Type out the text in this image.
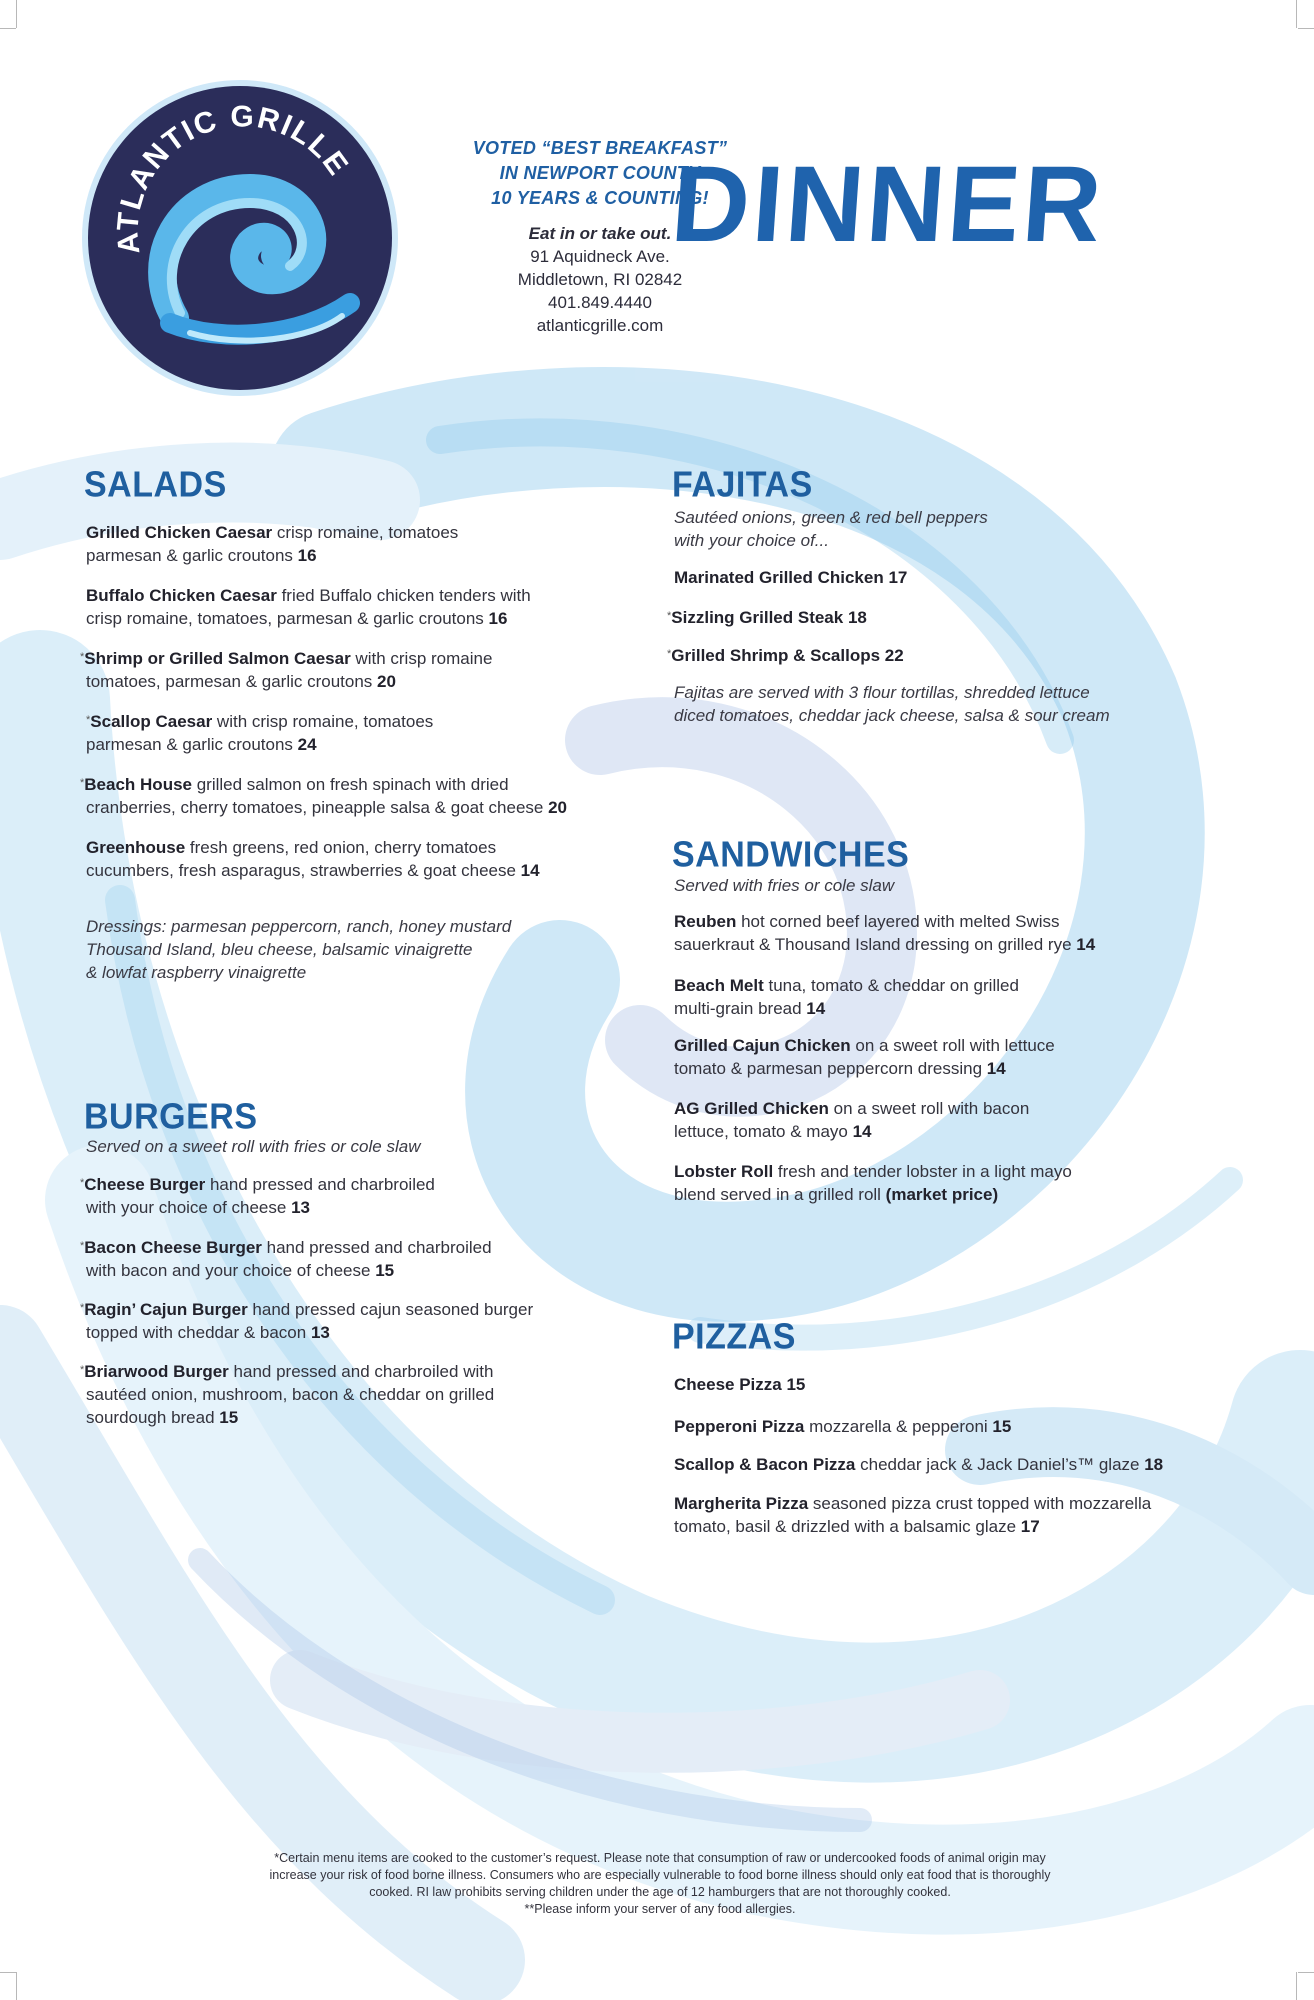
ATLANTIC GRILLE	VOTED “BEST BREAKFAST”
IN NEWPORT COUNTY
10 YEARS & COUNTING!
Eat in or take out.
91 Aquidneck Ave.
Middletown, RI 02842
401.849.4440
atlanticgrille.com
DINNER
SALADS
Grilled Chicken Caesar crisp romaine, tomatoes
parmesan & garlic croutons 16
Buffalo Chicken Caesar fried Buffalo chicken tenders with
crisp romaine, tomatoes, parmesan & garlic croutons 16
*Shrimp or Grilled Salmon Caesar with crisp romaine
tomatoes, parmesan & garlic croutons 20
*Scallop Caesar with crisp romaine, tomatoes
parmesan & garlic croutons 24
*Beach House grilled salmon on fresh spinach with dried
cranberries, cherry tomatoes, pineapple salsa & goat cheese 20
Greenhouse fresh greens, red onion, cherry tomatoes
cucumbers, fresh asparagus, strawberries & goat cheese 14
Dressings: parmesan peppercorn, ranch, honey mustard
Thousand Island, bleu cheese, balsamic vinaigrette
& lowfat raspberry vinaigrette
BURGERS
Served on a sweet roll with fries or cole slaw
*Cheese Burger hand pressed and charbroiled
with your choice of cheese 13
*Bacon Cheese Burger hand pressed and charbroiled
with bacon and your choice of cheese 15
*Ragin’ Cajun Burger hand pressed cajun seasoned burger
topped with cheddar & bacon 13
*Briarwood Burger hand pressed and charbroiled with
sautéed onion, mushroom, bacon & cheddar on grilled
sourdough bread 15
FAJITAS
Sautéed onions, green & red bell peppers
with your choice of...
Marinated Grilled Chicken 17
*Sizzling Grilled Steak 18
*Grilled Shrimp & Scallops 22
Fajitas are served with 3 flour tortillas, shredded lettuce
diced tomatoes, cheddar jack cheese, salsa & sour cream
SANDWICHES
Served with fries or cole slaw
Reuben hot corned beef layered with melted Swiss
sauerkraut & Thousand Island dressing on grilled rye 14
Beach Melt tuna, tomato & cheddar on grilled
multi-grain bread 14
Grilled Cajun Chicken on a sweet roll with lettuce
tomato & parmesan peppercorn dressing 14
AG Grilled Chicken on a sweet roll with bacon
lettuce, tomato & mayo 14
Lobster Roll fresh and tender lobster in a light mayo
blend served in a grilled roll (market price)
PIZZAS
Cheese Pizza 15
Pepperoni Pizza mozzarella & pepperoni 15
Scallop & Bacon Pizza cheddar jack & Jack Daniel’s™ glaze 18
Margherita Pizza seasoned pizza crust topped with mozzarella
tomato, basil & drizzled with a balsamic glaze 17
*Certain menu items are cooked to the customer’s request. Please note that consumption of raw or undercooked foods of animal origin may
increase your risk of food borne illness. Consumers who are especially vulnerable to food borne illness should only eat food that is thoroughly
cooked. RI law prohibits serving children under the age of 12 hamburgers that are not thoroughly cooked.
**Please inform your server of any food allergies.
